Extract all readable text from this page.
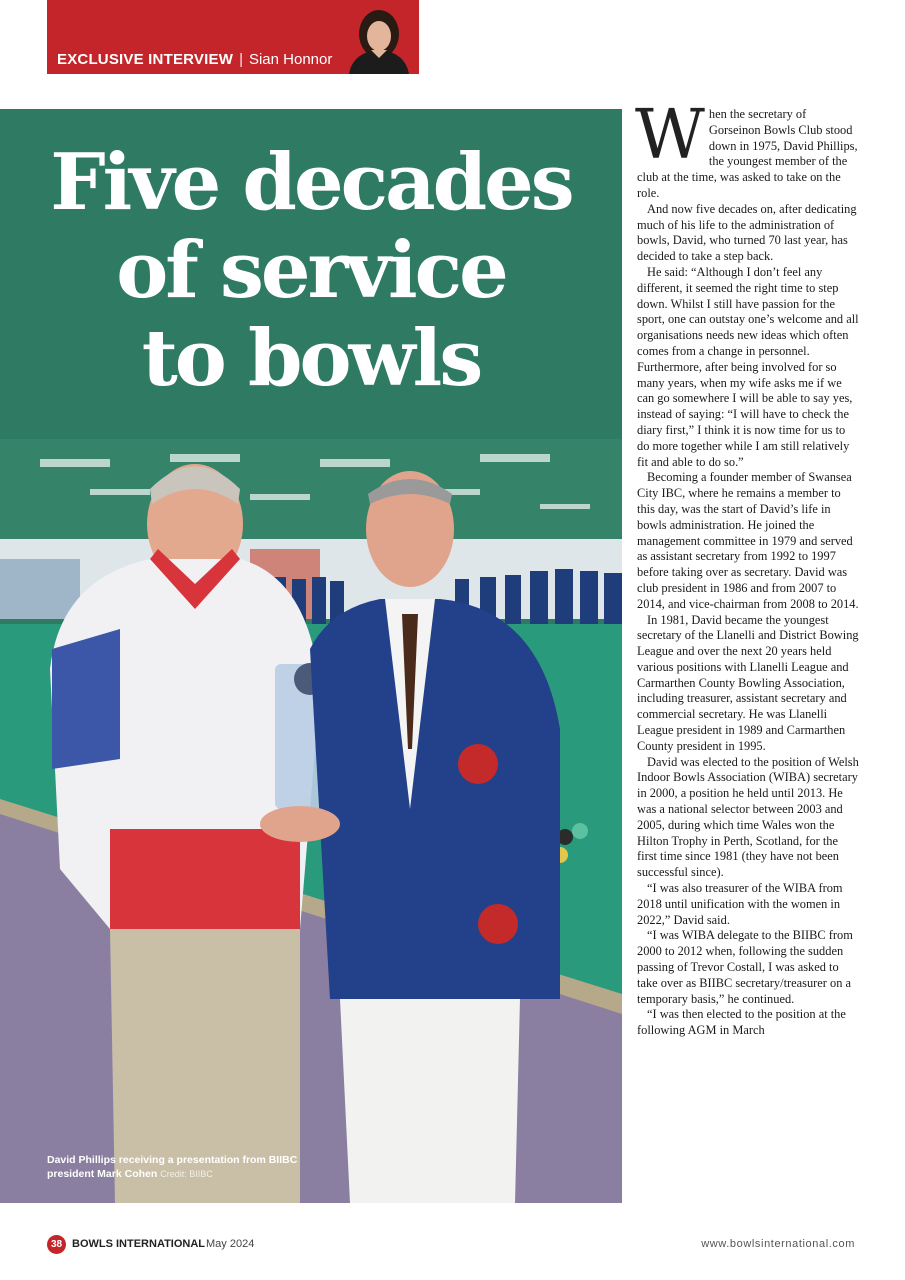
EXCLUSIVE INTERVIEW | Sian Honnor
Five decades
of service
to bowls
David Phillips receiving a presentation from BIIBC president Mark Cohen Credit: BIIBC

When the secretary of Gorseinon Bowls Club stood down in 1975, David Phillips, the youngest member of the club at the time, was asked to take on the role.

And now five decades on, after dedicating much of his life to the administration of bowls, David, who turned 70 last year, has decided to take a step back.

He said: “Although I don’t feel any different, it seemed the right time to step down. Whilst I still have passion for the sport, one can outstay one’s welcome and all organisations needs new ideas which often comes from a change in personnel. Furthermore, after being involved for so many years, when my wife asks me if we can go somewhere I will be able to say yes, instead of saying: “I will have to check the diary first,” I think it is now time for us to do more together while I am still relatively fit and able to do so.”

Becoming a founder member of Swansea City IBC, where he remains a member to this day, was the start of David’s life in bowls administration. He joined the management committee in 1979 and served as assistant secretary from 1992 to 1997 before taking over as secretary. David was club president in 1986 and from 2007 to 2014, and vice-chairman from 2008 to 2014.

In 1981, David became the youngest secretary of the Llanelli and District Bowing League and over the next 20 years held various positions with Llanelli League and Carmarthen County Bowling Association, including treasurer, assistant secretary and commercial secretary. He was Llanelli League president in 1989 and Carmarthen County president in 1995.

David was elected to the position of Welsh Indoor Bowls Association (WIBA) secretary in 2000, a position he held until 2013. He was a national selector between 2003 and 2005, during which time Wales won the Hilton Trophy in Perth, Scotland, for the first time since 1981 (they have not been successful since).

“I was also treasurer of the WIBA from 2018 until unification with the women in 2022,” David said.

“I was WIBA delegate to the BIIBC from 2000 to 2012 when, following the sudden passing of Trevor Costall, I was asked to take over as BIIBC secretary/treasurer on a temporary basis,” he continued.

“I was then elected to the position at the following AGM in March

38 BOWLS INTERNATIONAL May 2024	www.bowlsinternational.com
